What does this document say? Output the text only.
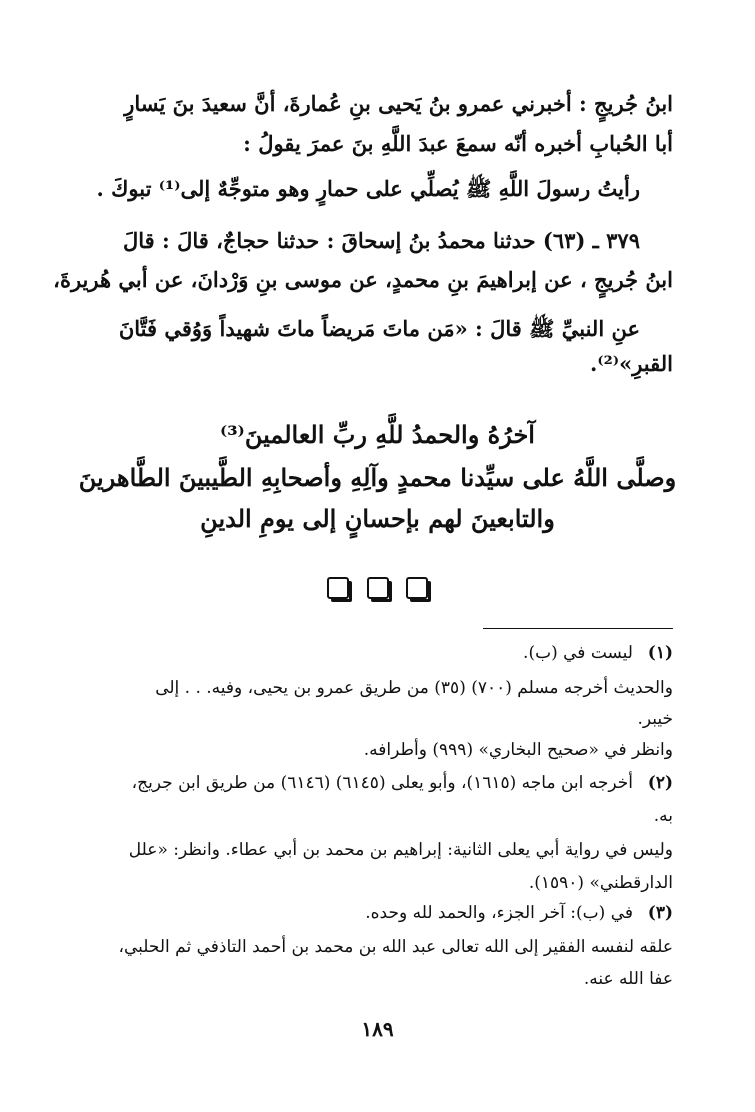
ابنُ جُريجٍ : أخبرني عمرو بنُ يَحيى بنِ عُمارةَ، أنَّ سعيدَ بنَ يَسارٍ
أبا الحُبابِ أخبره أنّه سمعَ عبدَ اللَّهِ بنَ عمرَ يقولُ :
رأيتُ رسولَ اللَّهِ ﷺ يُصلِّي على حمارٍ وهو متوجِّهٌ إلى⁽¹⁾ تبوكَ .
٣٧٩ ـ (٦٣) حدثنا محمدُ بنُ إسحاقَ : حدثنا حجاجٌ، قالَ : قالَ
ابنُ جُريجٍ ، عن إبراهيمَ بنِ محمدٍ، عن موسى بنِ وَرْدانَ، عن أبي هُريرةَ،
عنِ النبيِّ ﷺ قالَ : «مَن ماتَ مَريضاً ماتَ شهيداً وَوُقي فَتَّانَ
القبرِ»⁽²⁾.
آخرُهُ والحمدُ للَّهِ ربِّ العالمينَ⁽³⁾
وصلَّى اللَّهُ على سيِّدنا محمدٍ وآلِهِ وأصحابِهِ الطَّيبينَ الطَّاهرينَ
والتابعينَ لهم بإحسانٍ إلى يومِ الدينِ

(١)
ليست في (ب).
والحديث أخرجه مسلم (٧٠٠) (٣٥) من طريق عمرو بن يحيى، وفيه. . . إلى
خيبر.
وانظر في «صحيح البخاري» (٩٩٩) وأطرافه.
(٢)
أخرجه ابن ماجه (١٦١٥)، وأبو يعلى (٦١٤٥) (٦١٤٦) من طريق ابن جريج،
به.
وليس في رواية أبي يعلى الثانية: إبراهيم بن محمد بن أبي عطاء. وانظر: «علل
الدارقطني» (١٥٩٠).
(٣)
في (ب): آخر الجزء، والحمد لله وحده.
علقه لنفسه الفقير إلى الله تعالى عبد الله بن محمد بن أحمد التاذفي ثم الحلبي،
عفا الله عنه.
١٨٩
